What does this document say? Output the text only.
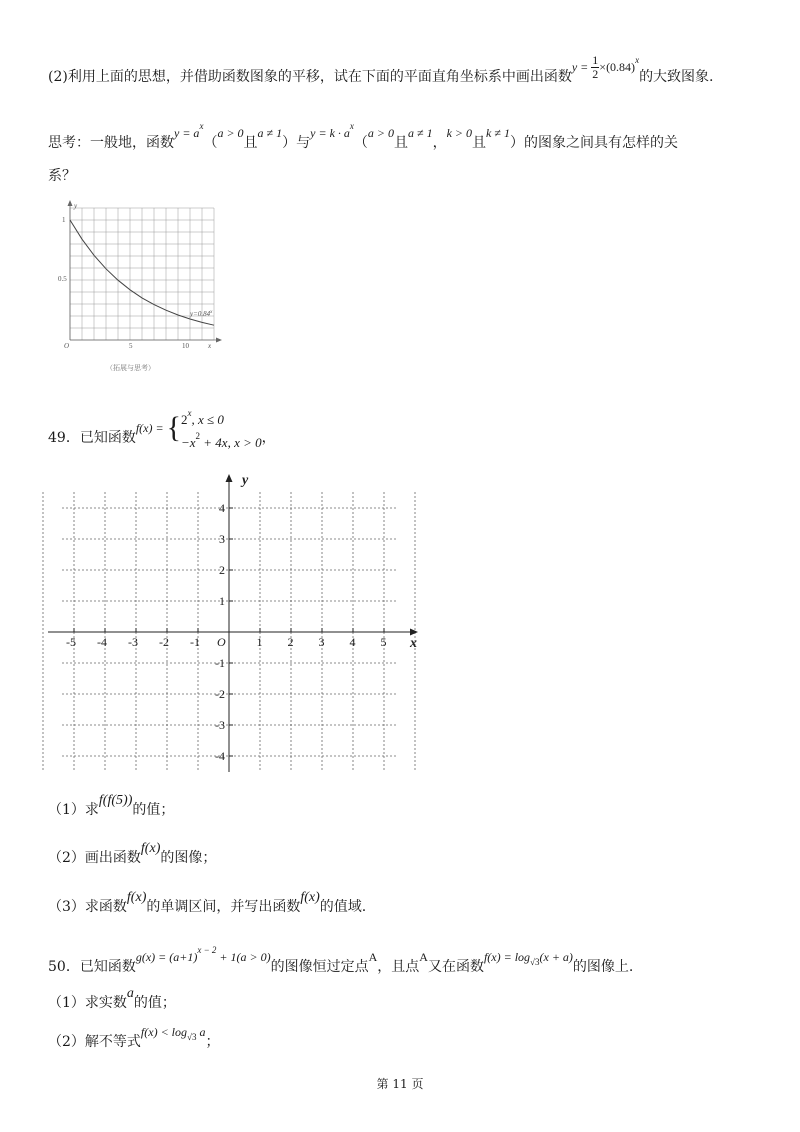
(2)利用上面的思想，并借助函数图象的平移，试在下面的平面直角坐标系中画出函数$y = \frac{1}{2} \times(0.84)^x$的大致图象.
思考：一般地，函数$y = a^x(a > 0$且a ≠ 1）与$y = k \cdot a^x(a > 0$且a ≠ 1，k > 0且k ≠ 1）的图象之间具有怎样的关
系？
1
0.5
O	5	10	x
y
$y=0.84^x$
（拓展与思考）
49．已知函数f(x) = { 2$^x$, x ≤ 0
$-x^2 + 4x$, x > 0 ，
-5 -4 -3 -2 -1	1 2 3 4 5
4
3
2
1
-1
-2
-3
-4
y
x
O
（1）求f(f(5))的值；
（2）画出函数f(x)的图像；
（3）求函数f(x)的单调区间，并写出函数f(x)的值域.
50．已知函数$g(x) = (a+1)^{x - 2} + 1(a > 0)$的图像恒过定点A，且点A又在函数$f(x) = \log^{√3}(x + a)$的图像上.
（1）求实数a的值；
（2）解不等式$f(x) < \log^{√3} a$；
第 11 页
